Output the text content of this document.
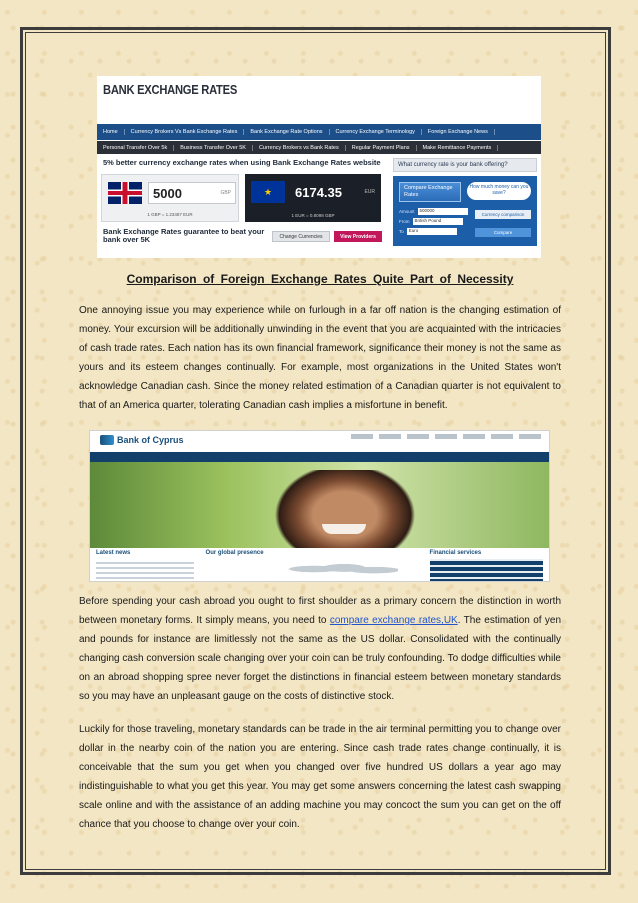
BANK EXCHANGE RATES
Home	Currency Brokers Vs Bank Exchange Rates	Bank Exchange Rate Options	Currency Exchange Terminology	Foreign Exchange News
Personal Transfer Over 5k	Business Transfer Over 5K	Currency Brokers vs Bank Rates	Regular Payment Plans	Make Remittance Payments
5% better currency exchange rates when using Bank Exchange Rates website
5000	GBP
1 GBP = 1.23487 EUR
★	6174.35	EUR
1 EUR = 0.8098 GBP
Bank Exchange Rates guarantee to beat your bank over 5K	Change Currencies	View Providers
What currency rate is your bank offering?
Compare Exchange Rates
How much money can you save?
Amount	500000
From	British Pound
To	Euro
Currency comparison
Compare
Comparison of Foreign Exchange Rates Quite Part of Necessity

One annoying issue you may experience while on furlough in a far off nation is the changing estimation of money. Your excursion will be additionally unwinding in the event that you are acquainted with the intricacies of cash trade rates. Each nation has its own financial framework, significance their money is not the same as yours and its esteem changes continually. For example, most organizations in the United States won't acknowledge Canadian cash. Since the money related estimation of a Canadian quarter is not equivalent to that of an America quarter, tolerating Canadian cash implies a misfortune in benefit.

Bank of Cyprus
Latest news	Our global presence	Financial services

Before spending your cash abroad you ought to first shoulder as a primary concern the distinction in worth between monetary forms. It simply means, you need to compare exchange rates,UK. The estimation of yen and pounds for instance are limitlessly not the same as the US dollar. Consolidated with the continually changing cash conversion scale changing over your coin can be truly confounding. To dodge difficulties while on an abroad shopping spree never forget the distinctions in financial esteem between monetary standards so you may have an unpleasant gauge on the costs of distinctive stock.

Luckily for those traveling, monetary standards can be trade in the air terminal permitting you to change over dollar in the nearby coin of the nation you are entering. Since cash trade rates change continually, it is conceivable that the sum you get when you changed over five hundred US dollars a year ago may indistinguishable to what you get this year. You may get some answers concerning the latest cash swapping scale online and with the assistance of an adding machine you may concoct the sum you can get on the off chance that you choose to change over your coin.
